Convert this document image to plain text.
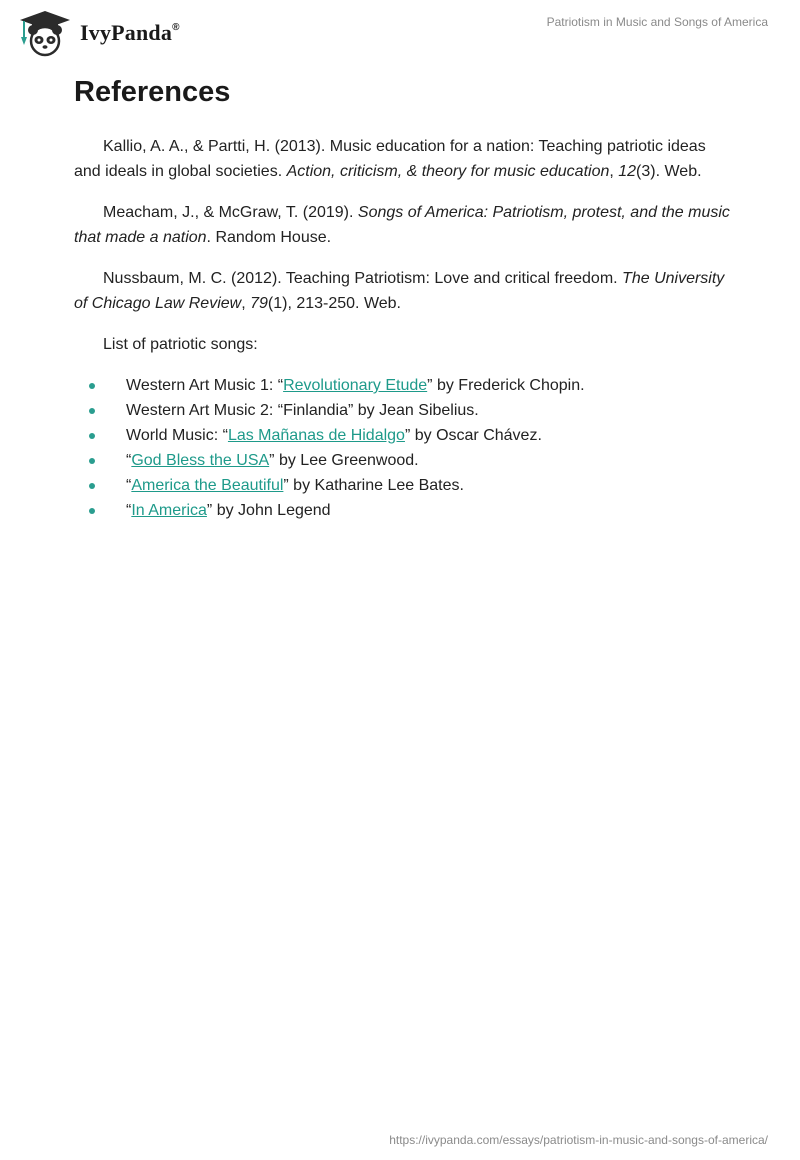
IvyPanda®	Patriotism in Music and Songs of America
References

Kallio, A. A., & Partti, H. (2013). Music education for a nation: Teaching patriotic ideas and ideals in global societies. Action, criticism, & theory for music education, 12(3). Web.

Meacham, J., & McGraw, T. (2019). Songs of America: Patriotism, protest, and the music that made a nation. Random House.

Nussbaum, M. C. (2012). Teaching Patriotism: Love and critical freedom. The University of Chicago Law Review, 79(1), 213-250. Web.

List of patriotic songs:

Western Art Music 1: “Revolutionary Etude” by Frederick Chopin.
Western Art Music 2: “Finlandia” by Jean Sibelius.
World Music: “Las Mañanas de Hidalgo” by Oscar Chávez.
“God Bless the USA” by Lee Greenwood.
“America the Beautiful” by Katharine Lee Bates.
“In America” by John Legend
https://ivypanda.com/essays/patriotism-in-music-and-songs-of-america/
